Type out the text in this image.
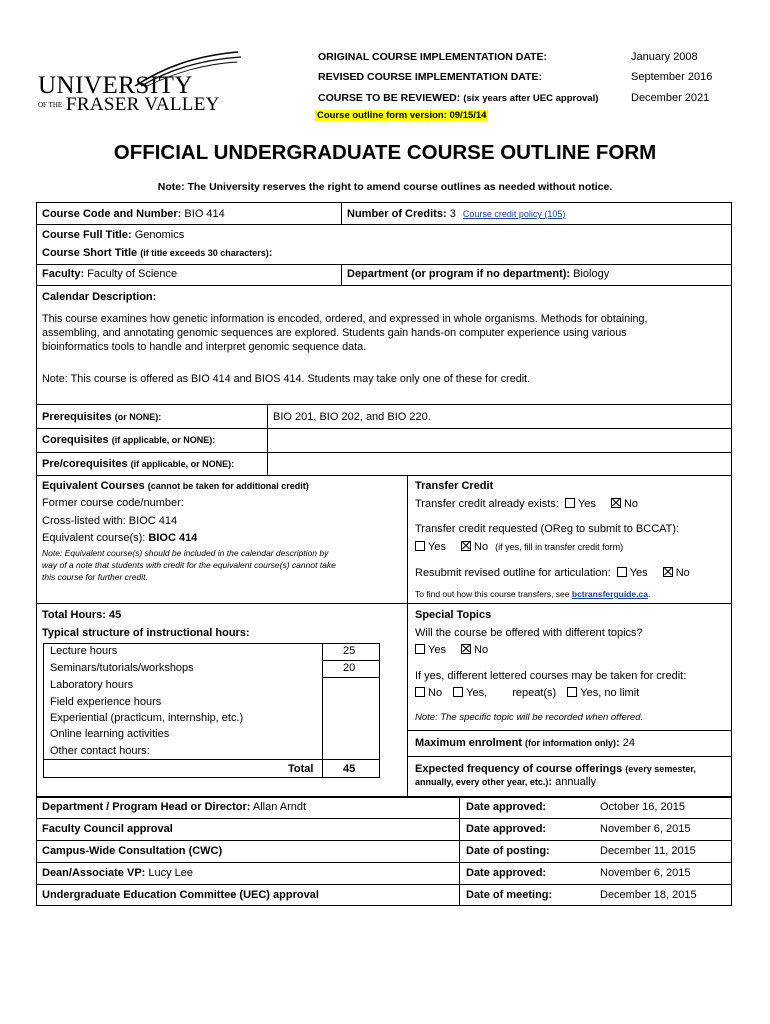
UNIVERSITY
OF THE FRASER VALLEY
ORIGINAL COURSE IMPLEMENTATION DATE:	January 2008
REVISED COURSE IMPLEMENTATION DATE:	September 2016
COURSE TO BE REVIEWED: (six years after UEC approval)	December 2021
Course outline form version: 09/15/14
OFFICIAL UNDERGRADUATE COURSE OUTLINE FORM
Note: The University reserves the right to amend course outlines as needed without notice.
Course Code and Number: BIO 414	Number of Credits: 3 Course credit policy (105)
Course Full Title: Genomics
Course Short Title (if title exceeds 30 characters):
Faculty: Faculty of Science	Department (or program if no department): Biology
Calendar Description:
This course examines how genetic information is encoded, ordered, and expressed in whole organisms. Methods for obtaining,
assembling, and annotating genomic sequences are explored. Students gain hands-on computer experience using various
bioinformatics tools to handle and interpret genomic sequence data.
Note: This course is offered as BIO 414 and BIOS 414. Students may take only one of these for credit.
Prerequisites (or NONE):	BIO 201, BIO 202, and BIO 220.
Corequisites (if applicable, or NONE):
Pre/corequisites (if applicable, or NONE):
Equivalent Courses (cannot be taken for additional credit)
Former course code/number:
Cross-listed with: BIOC 414
Equivalent course(s): BIOC 414
Note: Equivalent course(s) should be included in the calendar description by
way of a note that students with credit for the equivalent course(s) cannot take
this course for further credit.
Transfer Credit
Transfer credit already exists: Yes	No
Transfer credit requested (OReg to submit to BCCAT):
Yes	No (if yes, fill in transfer credit form)
Resubmit revised outline for articulation: Yes	No
To find out how this course transfers, see bctransferguide.ca.
Total Hours: 45
Typical structure of instructional hours:
Lecture hours	25
Seminars/tutorials/workshops	20
Laboratory hours
Field experience hours
Experiential (practicum, internship, etc.)
Online learning activities
Other contact hours:
Total	45
Special Topics
Will the course be offered with different topics?
Yes	No
If yes, different lettered courses may be taken for credit:
No Yes, repeat(s) Yes, no limit
Note: The specific topic will be recorded when offered.
Maximum enrolment (for information only): 24
Expected frequency of course offerings (every semester,
annually, every other year, etc.): annually
Department / Program Head or Director: Allan Arndt	Date approved:	October 16, 2015
Faculty Council approval	Date approved:	November 6, 2015
Campus-Wide Consultation (CWC)	Date of posting:	December 11, 2015
Dean/Associate VP: Lucy Lee	Date approved:	November 6, 2015
Undergraduate Education Committee (UEC) approval	Date of meeting:	December 18, 2015
